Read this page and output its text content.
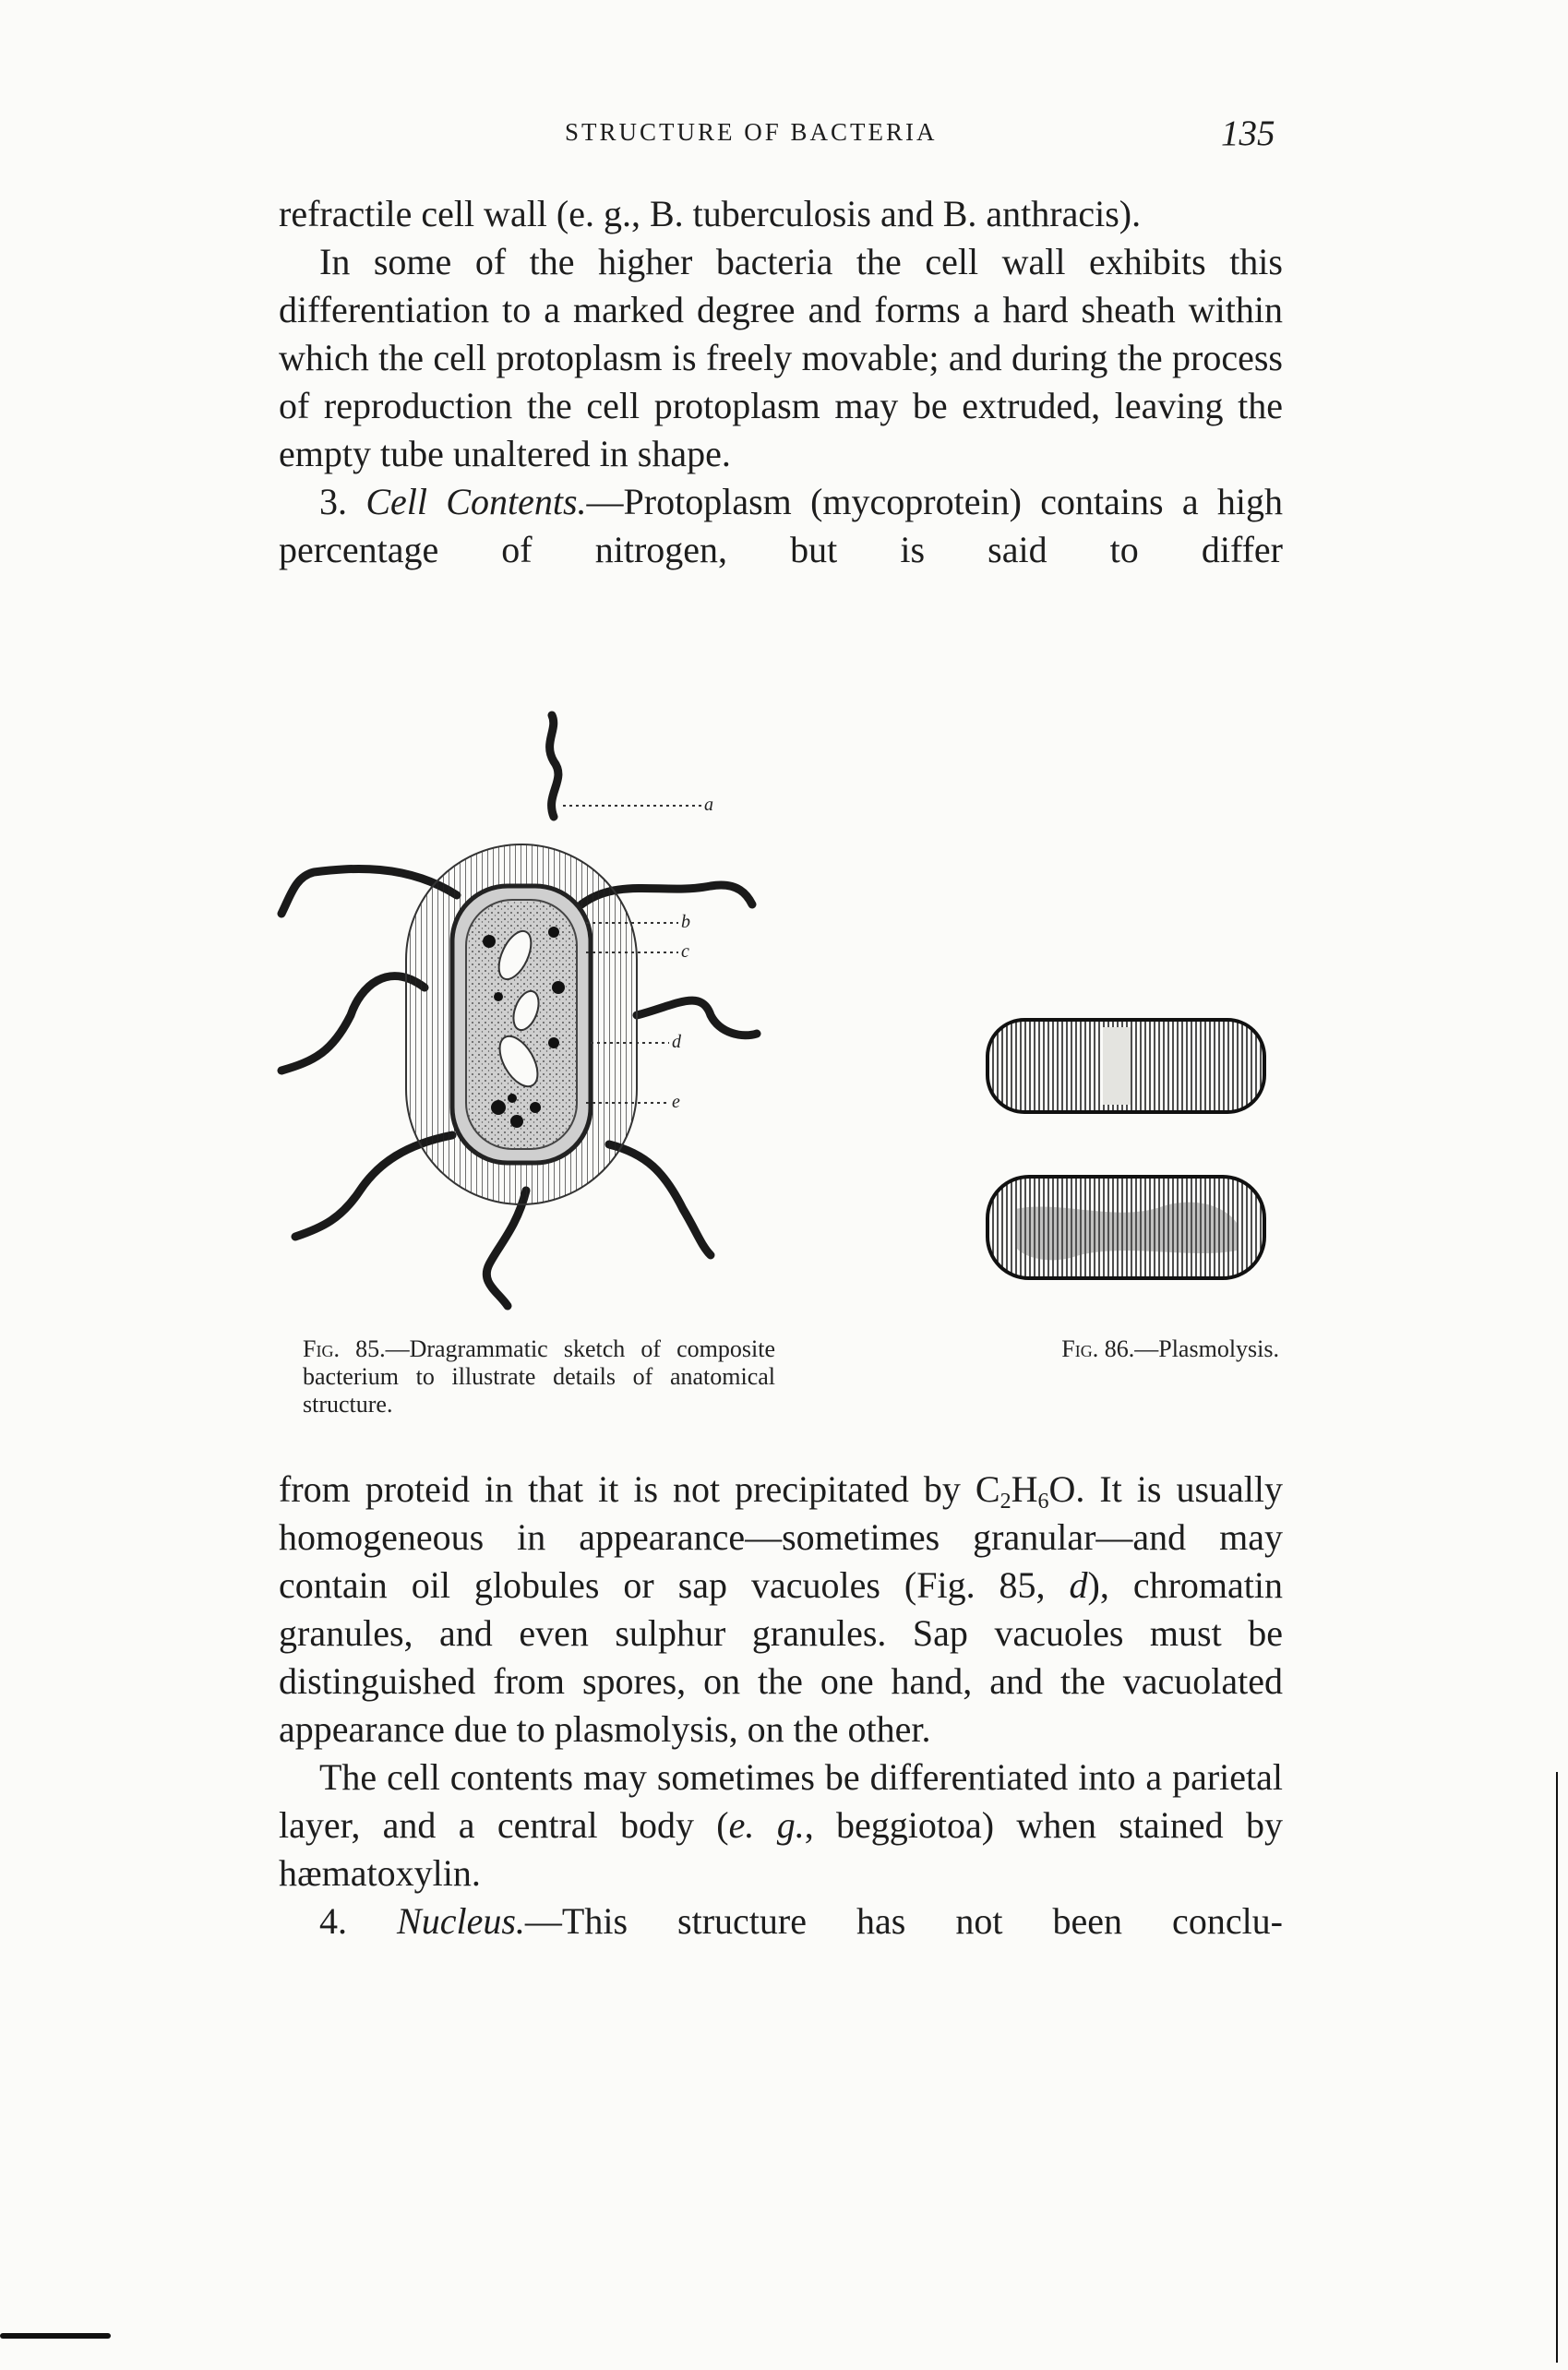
STRUCTURE OF BACTERIA	135

refractile cell wall (e. g., B. tuberculosis and B. anthracis).

In some of the higher bacteria the cell wall exhibits this differentiation to a marked degree and forms a hard sheath within which the cell protoplasm is freely movable; and during the process of reproduction the cell protoplasm may be extruded, leaving the empty tube unaltered in shape.

3. Cell Contents.—Protoplasm (mycoprotein) contains a high percentage of nitrogen, but is said to differ

a
b
c
d
e
Fig. 85.—Dragrammatic sketch of composite bacterium to illustrate details of anatomical structure.
Fig. 86.—Plasmolysis.

from proteid in that it is not precipitated by $C_2H_6O$. It is usually homogeneous in appearance—sometimes granular—and may contain oil globules or sap vacuoles (Fig. 85, d), chromatin granules, and even sulphur granules. Sap vacuoles must be distinguished from spores, on the one hand, and the vacuolated appearance due to plasmolysis, on the other.

The cell contents may sometimes be differentiated into a parietal layer, and a central body (e. g., beggiotoa) when stained by hæmatoxylin.

4. Nucleus.—This structure has not been conclu-
